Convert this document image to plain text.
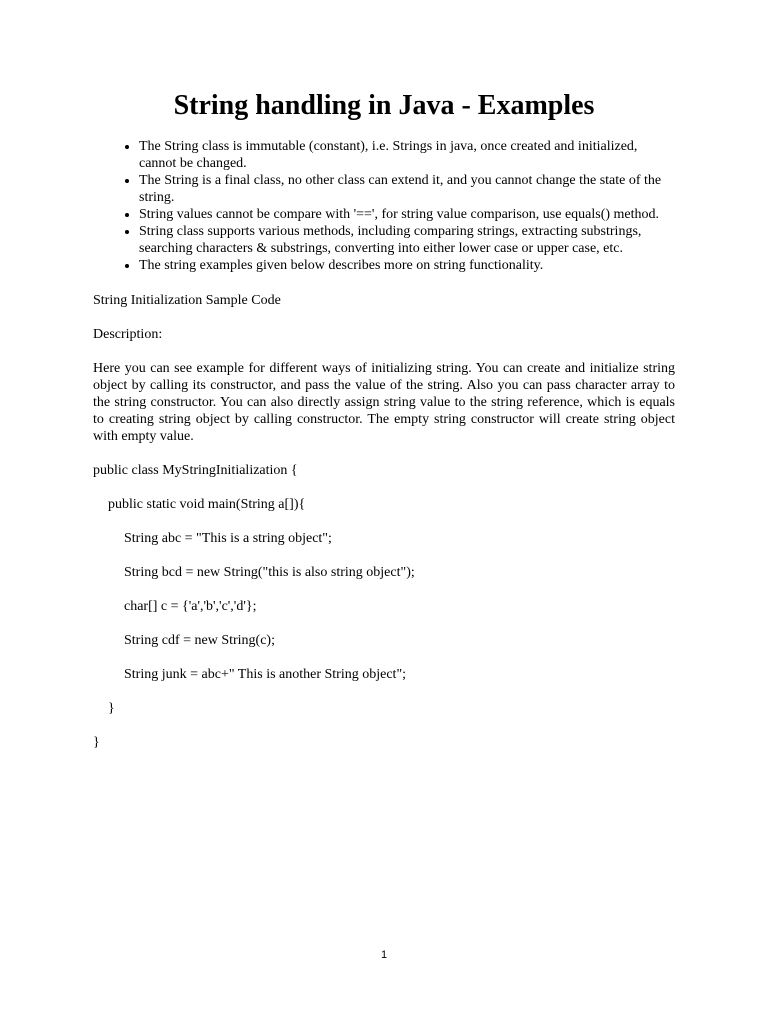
String handling in Java - Examples
• The String class is immutable (constant), i.e. Strings in java, once created and initialized, cannot be changed.
• The String is a final class, no other class can extend it, and you cannot change the state of the string.
• String values cannot be compare with '==', for string value comparison, use equals() method.
• String class supports various methods, including comparing strings, extracting substrings, searching characters & substrings, converting into either lower case or upper case, etc.
• The string examples given below describes more on string functionality.

String Initialization Sample Code

Description:

Here you can see example for different ways of initializing string. You can create and initialize string object by calling its constructor, and pass the value of the string. Also you can pass character array to the string constructor. You can also directly assign string value to the string reference, which is equals to creating string object by calling constructor. The empty string constructor will create string object with empty value.

public class MyStringInitialization {

public static void main(String a[]){

String abc = "This is a string object";

String bcd = new String("this is also string object");

char[] c = {'a','b','c','d'};

String cdf = new String(c);

String junk = abc+" This is another String object";

}

}

1
